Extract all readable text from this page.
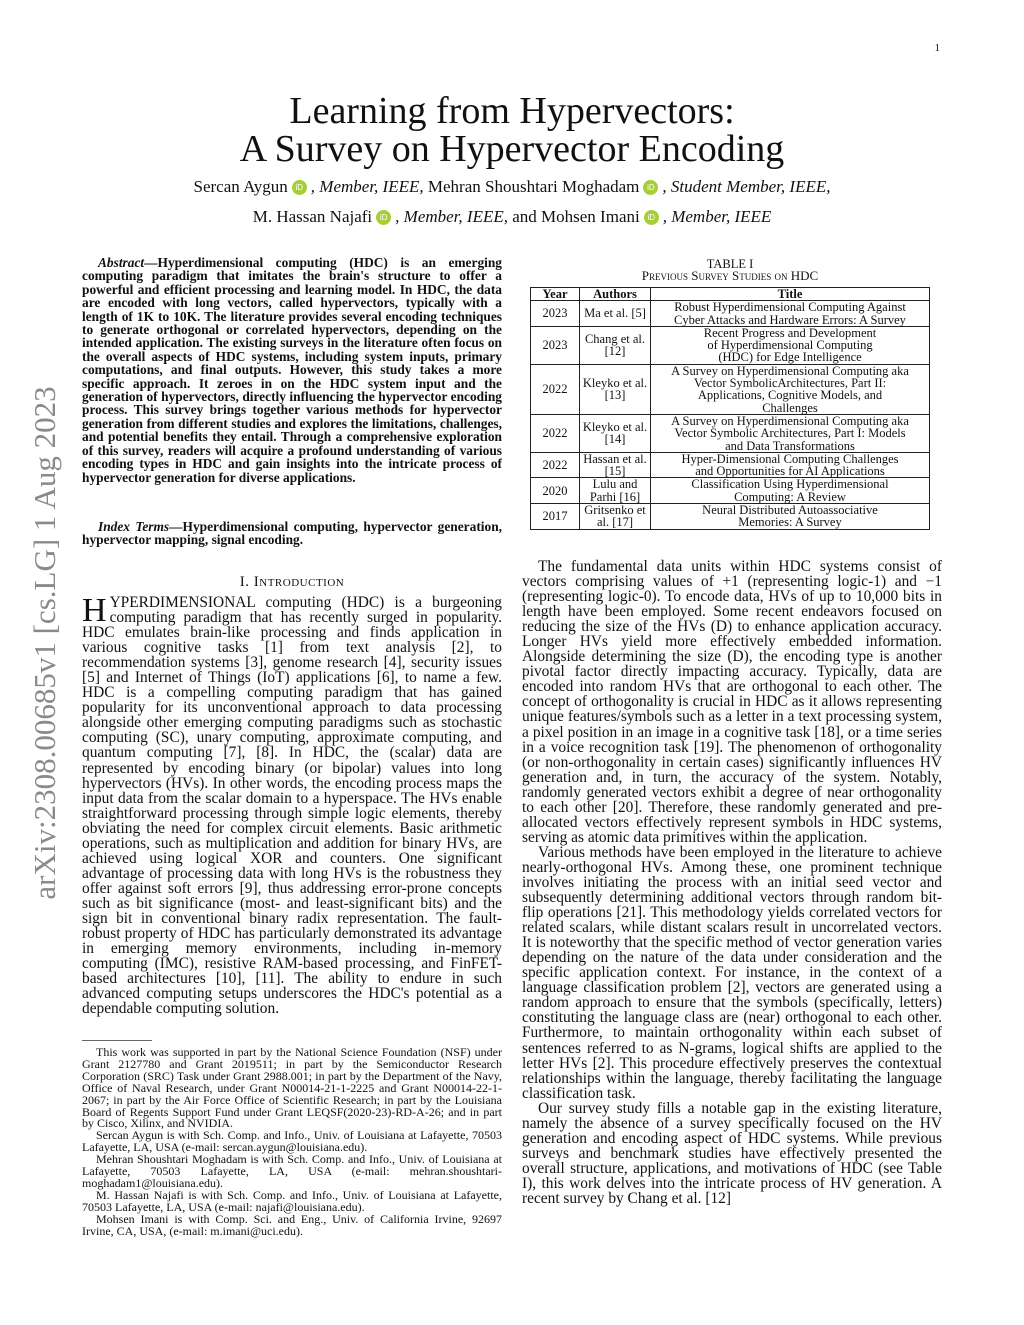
1
arXiv:2308.00685v1 [cs.LG] 1 Aug 2023
Learning from Hypervectors:
A Survey on Hypervector Encoding
Sercan Aygun iD , Member, IEEE, Mehran Shoushtari Moghadam iD , Student Member, IEEE,
M. Hassan Najafi iD , Member, IEEE, and Mohsen Imani iD , Member, IEEE
Abstract—Hyperdimensional computing (HDC) is an emerging computing paradigm that imitates the brain's structure to offer a powerful and efficient processing and learning model. In HDC, the data are encoded with long vectors, called hypervectors, typically with a length of 1K to 10K. The literature provides several encoding techniques to generate orthogonal or correlated hypervectors, depending on the intended application. The existing surveys in the literature often focus on the overall aspects of HDC systems, including system inputs, primary computations, and final outputs. However, this study takes a more specific approach. It zeroes in on the HDC system input and the generation of hypervectors, directly influencing the hypervector encoding process. This survey brings together various methods for hypervector generation from different studies and explores the limitations, challenges, and potential benefits they entail. Through a comprehensive exploration of this survey, readers will acquire a profound understanding of various encoding types in HDC and gain insights into the intricate process of hypervector generation for diverse applications.
Index Terms—Hyperdimensional computing, hypervector generation, hypervector mapping, signal encoding.
I. Introduction
HYPERDIMENSIONAL computing (HDC) is a burgeoning computing paradigm that has recently surged in popularity. HDC emulates brain-like processing and finds application in various cognitive tasks [1] from text analysis [2], to recommendation systems [3], genome research [4], security issues [5] and Internet of Things (IoT) applications [6], to name a few. HDC is a compelling computing paradigm that has gained popularity for its unconventional approach to data processing alongside other emerging computing paradigms such as stochastic computing (SC), unary computing, approximate computing, and quantum computing [7], [8]. In HDC, the (scalar) data are represented by encoding binary (or bipolar) values into long hypervectors (HVs). In other words, the encoding process maps the input data from the scalar domain to a hyperspace. The HVs enable straightforward processing through simple logic elements, thereby obviating the need for complex circuit elements. Basic arithmetic operations, such as multiplication and addition for binary HVs, are achieved using logical XOR and counters. One significant advantage of processing data with long HVs is the robustness they offer against soft errors [9], thus addressing error-prone concepts such as bit significance (most- and least-significant bits) and the sign bit in conventional binary radix representation. The fault-robust property of HDC has particularly demonstrated its advantage in emerging memory environments, including in-memory computing (IMC), resistive RAM-based processing, and FinFET-based architectures [10], [11]. The ability to endure in such advanced computing setups underscores the HDC's potential as a dependable computing solution.

This work was supported in part by the National Science Foundation (NSF) under Grant 2127780 and Grant 2019511; in part by the Semiconductor Research Corporation (SRC) Task under Grant 2988.001; in part by the Department of the Navy, Office of Naval Research, under Grant N00014-21-1-2225 and Grant N00014-22-1-2067; in part by the Air Force Office of Scientific Research; in part by the Louisiana Board of Regents Support Fund under Grant LEQSF(2020-23)-RD-A-26; and in part by Cisco, Xilinx, and NVIDIA.

Sercan Aygun is with Sch. Comp. and Info., Univ. of Louisiana at Lafayette, 70503 Lafayette, LA, USA (e-mail: sercan.aygun@louisiana.edu).

Mehran Shoushtari Moghadam is with Sch. Comp. and Info., Univ. of Louisiana at Lafayette, 70503 Lafayette, LA, USA (e-mail: mehran.shoushtari-moghadam1@louisiana.edu).

M. Hassan Najafi is with Sch. Comp. and Info., Univ. of Louisiana at Lafayette, 70503 Lafayette, LA, USA (e-mail: najafi@louisiana.edu).

Mohsen Imani is with Comp. Sci. and Eng., Univ. of California Irvine, 92697 Irvine, CA, USA, (e-mail: m.imani@uci.edu).

TABLE I
Previous Survey Studies on HDC
Year	Authors	Title
2023	Ma et al. [5]	Robust Hyperdimensional Computing Against Cyber Attacks and Hardware Errors: A Survey
2023	Chang et al. [12]	Recent Progress and Development of Hyperdimensional Computing (HDC) for Edge Intelligence
2022	Kleyko et al. [13]	A Survey on Hyperdimensional Computing aka Vector SymbolicArchitectures, Part II: Applications, Cognitive Models, and Challenges
2022	Kleyko et al. [14]	A Survey on Hyperdimensional Computing aka Vector Symbolic Architectures, Part I: Models and Data Transformations
2022	Hassan et al. [15]	Hyper-Dimensional Computing Challenges and Opportunities for AI Applications
2020	Lulu and Parhi [16]	Classification Using Hyperdimensional Computing: A Review
2017	Gritsenko et al. [17]	Neural Distributed Autoassociative Memories: A Survey

The fundamental data units within HDC systems consist of vectors comprising values of +1 (representing logic-1) and −1 (representing logic-0). To encode data, HVs of up to 10,000 bits in length have been employed. Some recent endeavors focused on reducing the size of the HVs (D) to enhance application accuracy. Longer HVs yield more effectively embedded information. Alongside determining the size (D), the encoding type is another pivotal factor directly impacting accuracy. Typically, data are encoded into random HVs that are orthogonal to each other. The concept of orthogonality is crucial in HDC as it allows representing unique features/symbols such as a letter in a text processing system, a pixel position in an image in a cognitive task [18], or a time series in a voice recognition task [19]. The phenomenon of orthogonality (or non-orthogonality in certain cases) significantly influences HV generation and, in turn, the accuracy of the system. Notably, randomly generated vectors exhibit a degree of near orthogonality to each other [20]. Therefore, these randomly generated and pre-allocated vectors effectively represent symbols in HDC systems, serving as atomic data primitives within the application.

Various methods have been employed in the literature to achieve nearly-orthogonal HVs. Among these, one prominent technique involves initiating the process with an initial seed vector and subsequently determining additional vectors through random bit-flip operations [21]. This methodology yields correlated vectors for related scalars, while distant scalars result in uncorrelated vectors. It is noteworthy that the specific method of vector generation varies depending on the nature of the data under consideration and the specific application context. For instance, in the context of a language classification problem [2], vectors are generated using a random approach to ensure that the symbols (specifically, letters) constituting the language class are (near) orthogonal to each other. Furthermore, to maintain orthogonality within each subset of sentences referred to as N-grams, logical shifts are applied to the letter HVs [2]. This procedure effectively preserves the contextual relationships within the language, thereby facilitating the language classification task.

Our survey study fills a notable gap in the existing literature, namely the absence of a survey specifically focused on the HV generation and encoding aspect of HDC systems. While previous surveys and benchmark studies have effectively presented the overall structure, applications, and motivations of HDC (see Table I), this work delves into the intricate process of HV generation. A recent survey by Chang et al. [12]
